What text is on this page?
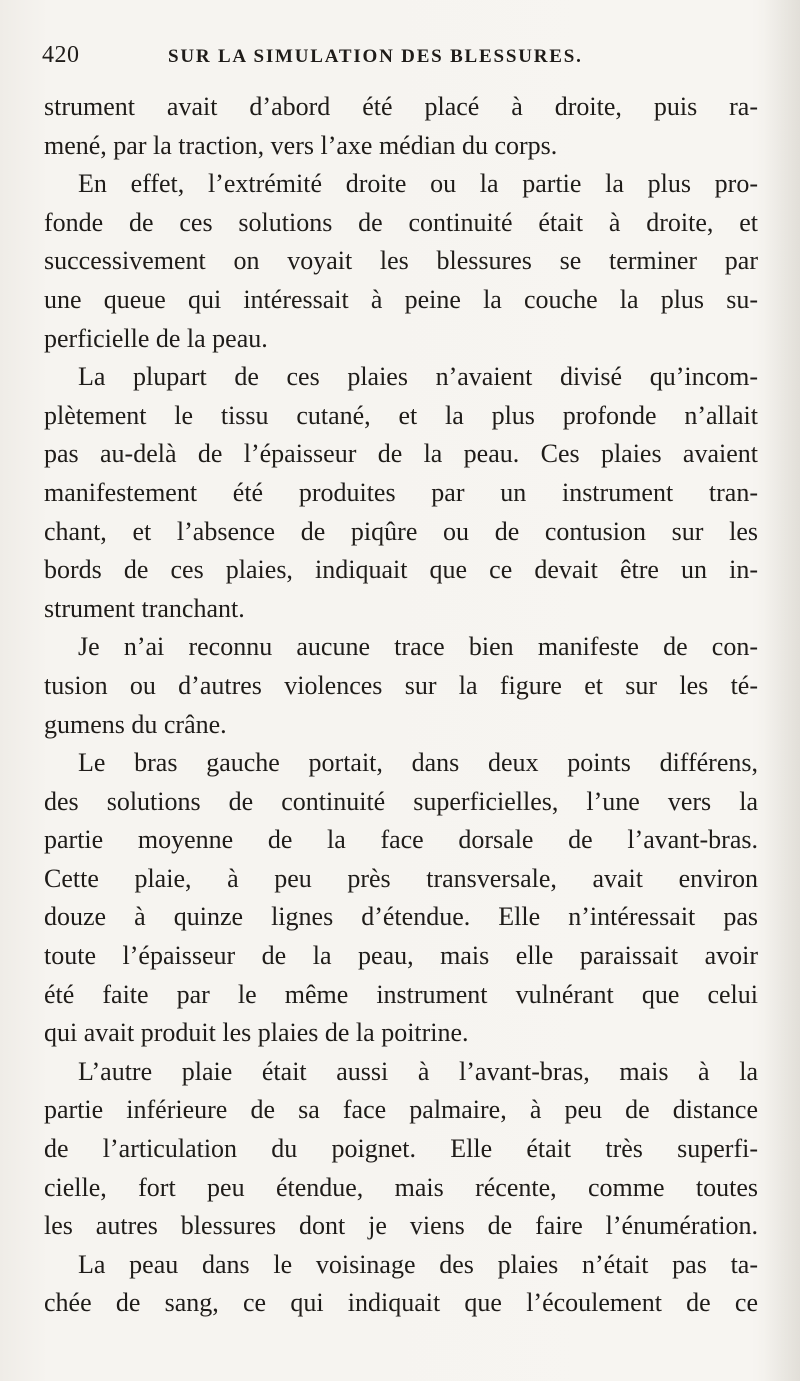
420	SUR LA SIMULATION DES BLESSURES.
strument avait d’abord été placé à droite, puis ra-
mené, par la traction, vers l’axe médian du corps.
En effet, l’extrémité droite ou la partie la plus pro-
fonde de ces solutions de continuité était à droite, et
successivement on voyait les blessures se terminer par
une queue qui intéressait à peine la couche la plus su-
perficielle de la peau.
La plupart de ces plaies n’avaient divisé qu’incom-
plètement le tissu cutané, et la plus profonde n’allait
pas au-delà de l’épaisseur de la peau. Ces plaies avaient
manifestement été produites par un instrument tran-
chant, et l’absence de piqûre ou de contusion sur les
bords de ces plaies, indiquait que ce devait être un in-
strument tranchant.
Je n’ai reconnu aucune trace bien manifeste de con-
tusion ou d’autres violences sur la figure et sur les té-
gumens du crâne.
Le bras gauche portait, dans deux points différens,
des solutions de continuité superficielles, l’une vers la
partie moyenne de la face dorsale de l’avant-bras.
Cette plaie, à peu près transversale, avait environ
douze à quinze lignes d’étendue. Elle n’intéressait pas
toute l’épaisseur de la peau, mais elle paraissait avoir
été faite par le même instrument vulnérant que celui
qui avait produit les plaies de la poitrine.
L’autre plaie était aussi à l’avant-bras, mais à la
partie inférieure de sa face palmaire, à peu de distance
de l’articulation du poignet. Elle était très superfi-
cielle, fort peu étendue, mais récente, comme toutes
les autres blessures dont je viens de faire l’énumération.
La peau dans le voisinage des plaies n’était pas ta-
chée de sang, ce qui indiquait que l’écoulement de ce
